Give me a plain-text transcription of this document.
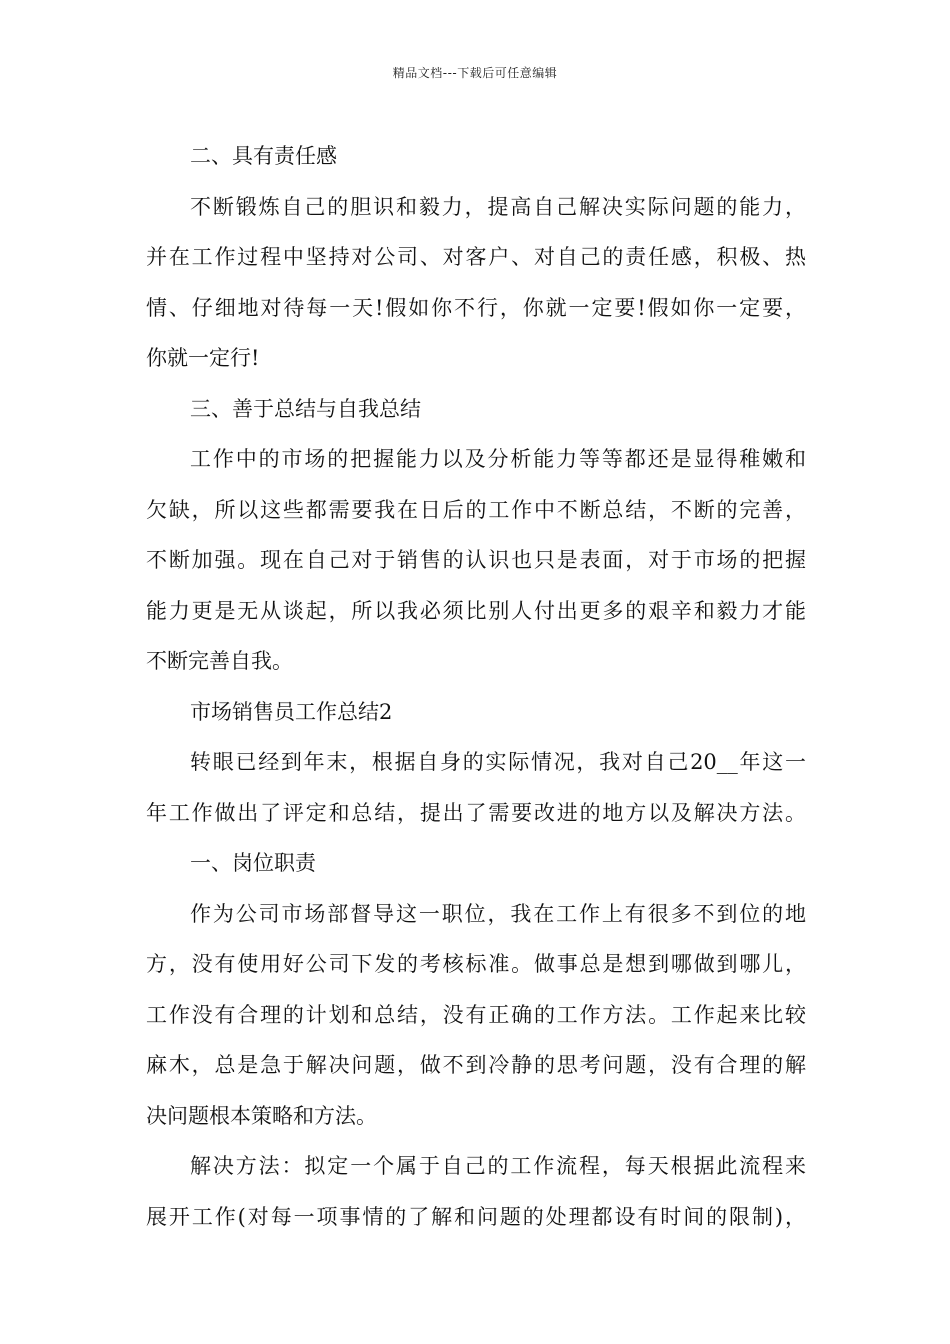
精品文档---下载后可任意编辑
二、具有责任感
不断锻炼自己的胆识和毅力，提高自己解决实际问题的能力，
并在工作过程中坚持对公司、对客户、对自己的责任感，积极、热
情、仔细地对待每一天!假如你不行，你就一定要!假如你一定要，
你就一定行!
三、善于总结与自我总结
工作中的市场的把握能力以及分析能力等等都还是显得稚嫩和
欠缺，所以这些都需要我在日后的工作中不断总结，不断的完善，
不断加强。现在自己对于销售的认识也只是表面，对于市场的把握
能力更是无从谈起，所以我必须比别人付出更多的艰辛和毅力才能
不断完善自我。
市场销售员工作总结2
转眼已经到年末，根据自身的实际情况，我对自己20__年这一
年工作做出了评定和总结，提出了需要改进的地方以及解决方法。
一、岗位职责
作为公司市场部督导这一职位，我在工作上有很多不到位的地
方，没有使用好公司下发的考核标准。做事总是想到哪做到哪儿，
工作没有合理的计划和总结，没有正确的工作方法。工作起来比较
麻木，总是急于解决问题，做不到冷静的思考问题，没有合理的解
决问题根本策略和方法。
解决方法：拟定一个属于自己的工作流程，每天根据此流程来
展开工作(对每一项事情的了解和问题的处理都设有时间的限制)，
